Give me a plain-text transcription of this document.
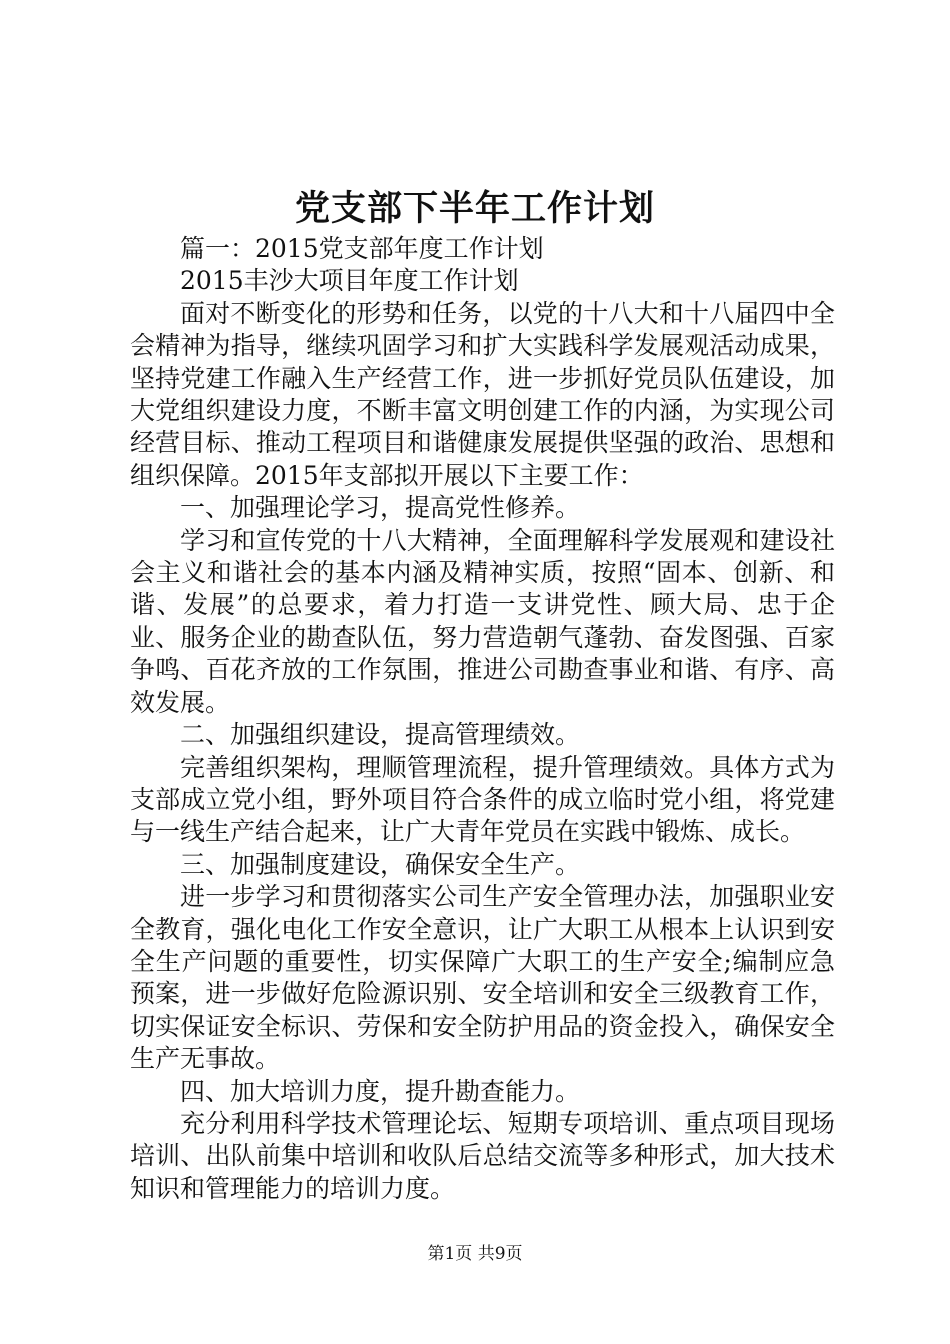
党支部下半年工作计划

篇一：2015党支部年度工作计划

2015丰沙大项目年度工作计划

面对不断变化的形势和任务，以党的十八大和十八届四中全会精神为指导，继续巩固学习和扩大实践科学发展观活动成果，坚持党建工作融入生产经营工作，进一步抓好党员队伍建设，加大党组织建设力度，不断丰富文明创建工作的内涵，为实现公司经营目标、推动工程项目和谐健康发展提供坚强的政治、思想和组织保障。2015年支部拟开展以下主要工作：

一、加强理论学习，提高党性修养。

学习和宣传党的十八大精神，全面理解科学发展观和建设社会主义和谐社会的基本内涵及精神实质，按照“固本、创新、和谐、发展”的总要求，着力打造一支讲党性、顾大局、忠于企业、服务企业的勘查队伍，努力营造朝气蓬勃、奋发图强、百家争鸣、百花齐放的工作氛围，推进公司勘查事业和谐、有序、高效发展。

二、加强组织建设，提高管理绩效。

完善组织架构，理顺管理流程，提升管理绩效。具体方式为支部成立党小组，野外项目符合条件的成立临时党小组，将党建与一线生产结合起来，让广大青年党员在实践中锻炼、成长。

三、加强制度建设，确保安全生产。

进一步学习和贯彻落实公司生产安全管理办法，加强职业安全教育，强化电化工作安全意识，让广大职工从根本上认识到安全生产问题的重要性，切实保障广大职工的生产安全;编制应急预案，进一步做好危险源识别、安全培训和安全三级教育工作，切实保证安全标识、劳保和安全防护用品的资金投入，确保安全生产无事故。

四、加大培训力度，提升勘查能力。

充分利用科学技术管理论坛、短期专项培训、重点项目现场培训、出队前集中培训和收队后总结交流等多种形式，加大技术知识和管理能力的培训力度。

第1页 共9页
